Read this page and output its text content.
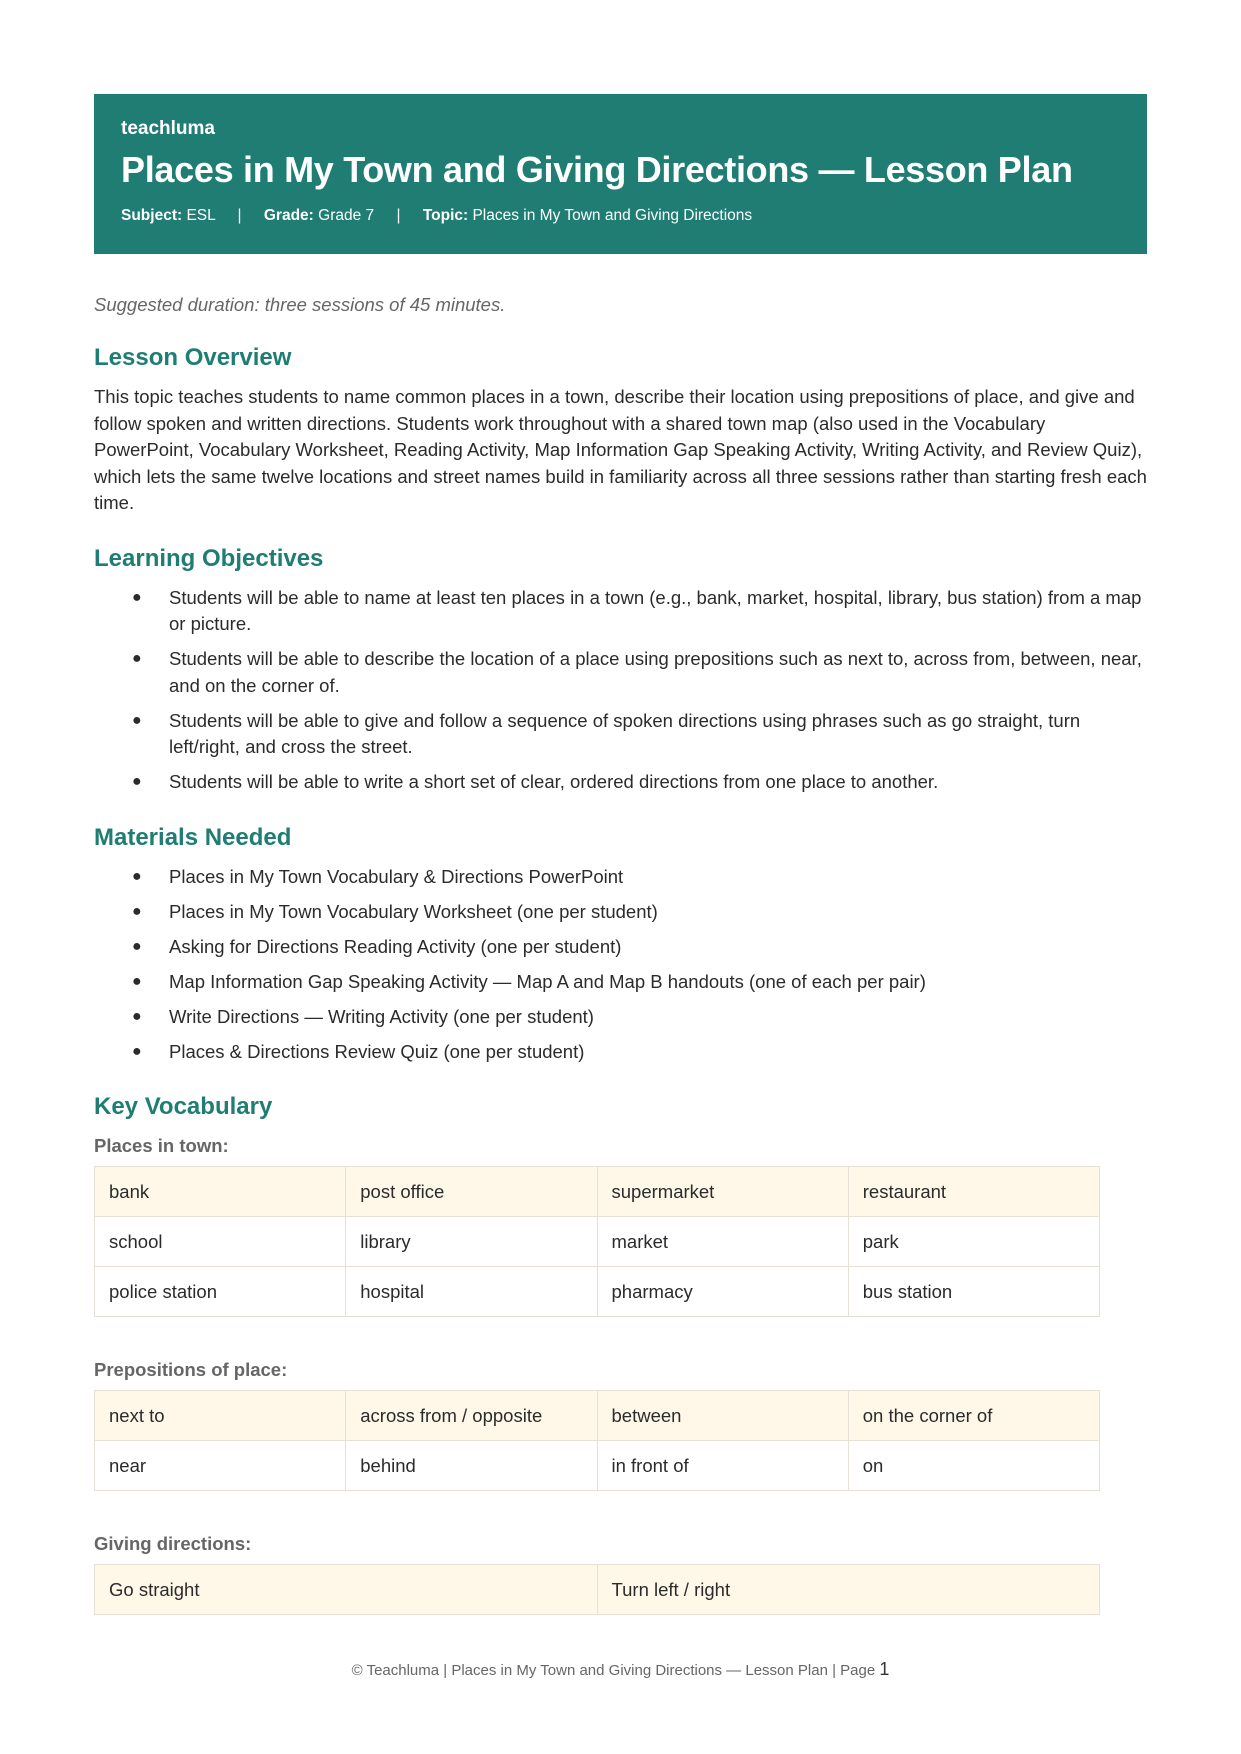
teachluma
Places in My Town and Giving Directions — Lesson Plan
Subject: ESL | Grade: Grade 7 | Topic: Places in My Town and Giving Directions

Suggested duration: three sessions of 45 minutes.

Lesson Overview

This topic teaches students to name common places in a town, describe their location using prepositions of place, and give and follow spoken and written directions. Students work throughout with a shared town map (also used in the Vocabulary PowerPoint, Vocabulary Worksheet, Reading Activity, Map Information Gap Speaking Activity, Writing Activity, and Review Quiz), which lets the same twelve locations and street names build in familiarity across all three sessions rather than starting fresh each time.

Learning Objectives
● Students will be able to name at least ten places in a town (e.g., bank, market, hospital, library, bus station) from a map or picture.
● Students will be able to describe the location of a place using prepositions such as next to, across from, between, near, and on the corner of.
● Students will be able to give and follow a sequence of spoken directions using phrases such as go straight, turn left/right, and cross the street.
● Students will be able to write a short set of clear, ordered directions from one place to another.
Materials Needed
● Places in My Town Vocabulary & Directions PowerPoint
● Places in My Town Vocabulary Worksheet (one per student)
● Asking for Directions Reading Activity (one per student)
● Map Information Gap Speaking Activity — Map A and Map B handouts (one of each per pair)
● Write Directions — Writing Activity (one per student)
● Places & Directions Review Quiz (one per student)
Key Vocabulary
Places in town:
bank	post office	supermarket	restaurant
school	library	market	park
police station	hospital	pharmacy	bus station
Prepositions of place:
next to	across from / opposite	between	on the corner of
near	behind	in front of	on
Giving directions:
Go straight	Turn left / right
© Teachluma | Places in My Town and Giving Directions — Lesson Plan | Page 1
